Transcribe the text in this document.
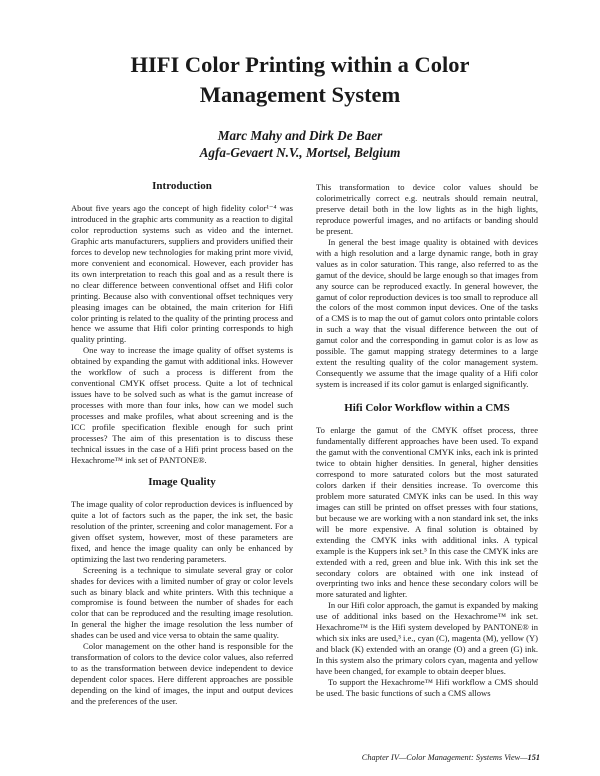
HIFI Color Printing within a Color
Management System
Marc Mahy and Dirk De Baer
Agfa-Gevaert N.V., Mortsel, Belgium
Introduction

About five years ago the concept of high fidelity color¹⁻⁴ was introduced in the graphic arts community as a reaction to digital color reproduction systems such as video and the internet. Graphic arts manufacturers, suppliers and providers unified their forces to develop new technologies for making print more vivid, more convenient and economical. However, each provider has its own interpretation to reach this goal and as a result there is no clear difference between conventional offset and Hifi color printing. Because also with conventional offset techniques very pleasing images can be obtained, the main criterion for Hifi color printing is related to the quality of the printing process and hence we assume that Hifi color printing corresponds to high quality printing.

One way to increase the image quality of offset systems is obtained by expanding the gamut with additional inks. However the workflow of such a process is different from the conventional CMYK offset process. Quite a lot of technical issues have to be solved such as what is the gamut increase of processes with more than four inks, how can we model such processes and make profiles, what about screening and is the ICC profile specification flexible enough for such print processes? The aim of this presentation is to discuss these technical issues in the case of a Hifi print process based on the Hexachrome™ ink set of PANTONE®.

Image Quality

The image quality of color reproduction devices is influenced by quite a lot of factors such as the paper, the ink set, the basic resolution of the printer, screening and color management. For a given offset system, however, most of these parameters are fixed, and hence the image quality can only be enhanced by optimizing the last two rendering parameters.

Screening is a technique to simulate several gray or color shades for devices with a limited number of gray or color levels such as binary black and white printers. With this technique a compromise is found between the number of shades for each color that can be reproduced and the resulting image resolution. In general the higher the image resolution the less number of shades can be used and vice versa to obtain the same quality.

Color management on the other hand is responsible for the transformation of colors to the device color values, also referred to as the transformation between device independent to device dependent color spaces. Here different approaches are possible depending on the kind of images, the input and output devices and the preferences of the user.

This transformation to device color values should be colorimetrically correct e.g. neutrals should remain neutral, preserve detail both in the low lights as in the high lights, reproduce powerful images, and no artifacts or banding should be present.

In general the best image quality is obtained with devices with a high resolution and a large dynamic range, both in gray values as in color saturation. This range, also referred to as the gamut of the device, should be large enough so that images from any source can be reproduced exactly. In general however, the gamut of color reproduction devices is too small to reproduce all the colors of the most common input devices. One of the tasks of a CMS is to map the out of gamut colors onto printable colors in such a way that the visual difference between the out of gamut color and the corresponding in gamut color is as low as possible. The gamut mapping strategy determines to a large extent the resulting quality of the color management system. Consequently we assume that the image quality of a Hifi color system is increased if its color gamut is enlarged significantly.

Hifi Color Workflow within a CMS

To enlarge the gamut of the CMYK offset process, three fundamentally different approaches have been used. To expand the gamut with the conventional CMYK inks, each ink is printed twice to obtain higher densities. In general, higher densities correspond to more saturated colors but the most saturated colors darken if their densities increase. To overcome this problem more saturated CMYK inks can be used. In this way images can still be printed on offset presses with four stations, but because we are working with a non standard ink set, the inks will be more expensive. A final solution is obtained by extending the CMYK inks with additional inks. A typical example is the Kuppers ink set.⁵ In this case the CMYK inks are extended with a red, green and blue ink. With this ink set the secondary colors are obtained with one ink instead of overprinting two inks and hence these secondary colors will be more saturated and lighter.

In our Hifi color approach, the gamut is expanded by making use of additional inks based on the Hexachrome™ ink set. Hexachrome™ is the Hifi system developed by PANTONE® in which six inks are used,³ i.e., cyan (C), magenta (M), yellow (Y) and black (K) extended with an orange (O) and a green (G) ink. In this system also the primary colors cyan, magenta and yellow have been changed, for example to obtain deeper blues.

To support the Hexachrome™ Hifi workflow a CMS should be used. The basic functions of such a CMS allows

Chapter IV—Color Management: Systems View—151
